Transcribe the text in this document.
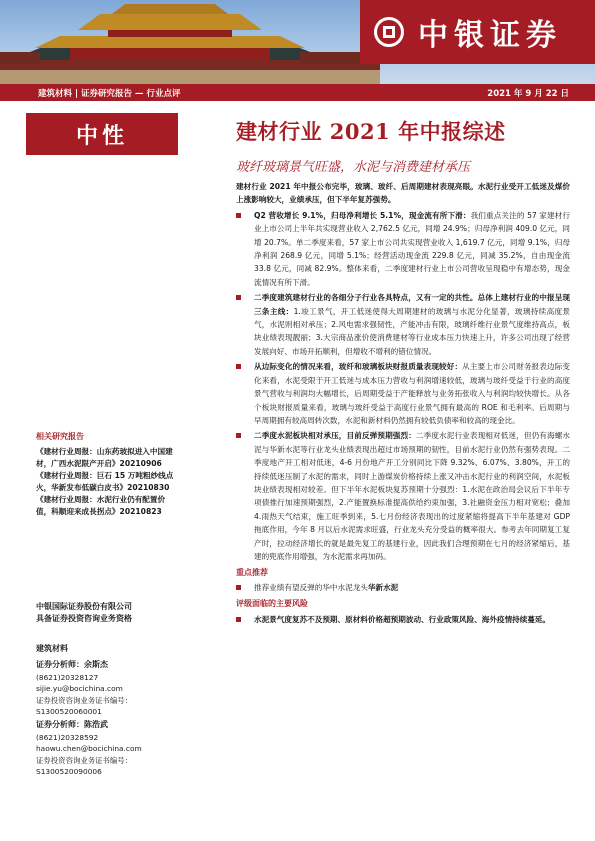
中银证券
建筑材料 | 证券研究报告 — 行业点评	2021 年 9 月 22 日
中性
相关研究报告
《建材行业周报：山东药玻拟进入中国建材，广西水泥限产开启》20210906
《建材行业周报：巨石 15 万吨粗纱线点火，华新发布低碳白皮书》20210830
《建材行业周报：水泥行业仍有配置价值，科顺迎来成長拐点》20210823
中银国际证券股份有限公司
具备证券投资咨询业务资格
建筑材料
证券分析师：余斯杰
(8621)20328127
sijie.yu@bocichina.com
证券投资咨询业务证书编号：S1300520060001
证券分析师：陈浩武
(8621)20328592
haowu.chen@bocichina.com
证券投资咨询业务证书编号：S1300520090006
建材行业 2021 年中报综述
玻纤玻璃景气旺盛，水泥与消费建材承压

建材行业 2021 年中报公布完毕，玻璃、玻纤、后周期建材表现亮眼。水泥行业受开工低迷及煤价上涨影响较大，业绩承压，但下半年复苏强势。

Q2 营收增长 9.1%，归母净利增长 5.1%，现金流有所下滑：我们重点关注的 57 家建材行业上市公司上半年共实现营业收入 2,762.5 亿元，同增 24.9%；归母净利润 409.0 亿元，同增 20.7%。单二季度来看，57 家上市公司共实现营业收入 1,619.7 亿元，同增 9.1%，归母净利润 268.9 亿元，同增 5.1%；经营活动现金流 229.8 亿元，同减 35.2%，自由现金流 33.8 亿元，同减 82.9%。整体来看，二季度建材行业上市公司营收呈现稳中有增态势，现金流情况有所下滑。
二季度建筑建材行业的各细分子行业各具特点，又有一定的共性。总体上建材行业的中报呈现三条主线：1.竣工景气，开工低迷使得大周期建材的玻璃与水泥分化显著，玻璃持续高度景气，水泥则相对承压；2.风电需求强韧性，产能冲击有限，玻璃纤维行业景气度维持高点，板块业绩表现靓丽；3.大宗商品涨价使消费建材等行业成本压力快速上升，许多公司出现了经营发展向好、市场开拓顺利，但增收不增利的错位情况。
从边际变化的情况来看，玻纤和玻璃板块财报质量表现较好：从主要上市公司财务报表边际变化来看，水泥受限于开工低迷与成本压力营收与利润增速较低，玻璃与玻纤受益于行业的高度景气营收与利润均大幅增长，后周期受益于产能释放与业务拓张收入与利润均较快增长。从各个板块财报质量来看，玻璃与玻纤受益于高度行业景气拥有最高的 ROE 和毛利率。后周期与早周期拥有较高周转次数，水泥和新材料仍然拥有较低负债率和较高的现金比。
二季度水泥板块相对承压，目前反弹预期强烈：二季度水泥行业表现相对低迷，但仍有海螺水泥与华新水泥等行业龙头业绩表现出超过市场预期的韧性，目前水泥行业仍然有强势表现。二季度地产开工相对低迷，4-6 月份地产开工分别同比下降 9.32%、6.07%、3.80%，开工的持续低迷压制了水泥的需求，同时上游煤炭价格持续上涨又冲击水泥行业的利润空间，水泥板块业绩表现相对较差。但下半年水泥板块复苏预期十分强烈：1.水泥在政治局会议后下半年专项债推行加速预期强烈，2.产能置换标准提高供给约束加强，3.社融资金压力相对宽松；叠加 4.雨热天气结束，施工旺季到来，5.七月份经济表现出的过度紧缩将提高下半年基建对 GDP 拖底作用，今年 8 月以后水泥需求旺盛，行业龙头充分受益的概率很大。参考去年同期复工复产时，拉动经济增长的就是最先复工的基建行业，因此我们合理预期在七月的经济紧缩后，基建的兜底作用增强，为水泥需求再加码。
重点推荐
推荐业绩有望反弹的华中水泥龙头华新水泥
评级面临的主要风险
水泥景气度复苏不及预期、原材料价格超预期波动、行业政策风险、海外疫情持续蔓延。
